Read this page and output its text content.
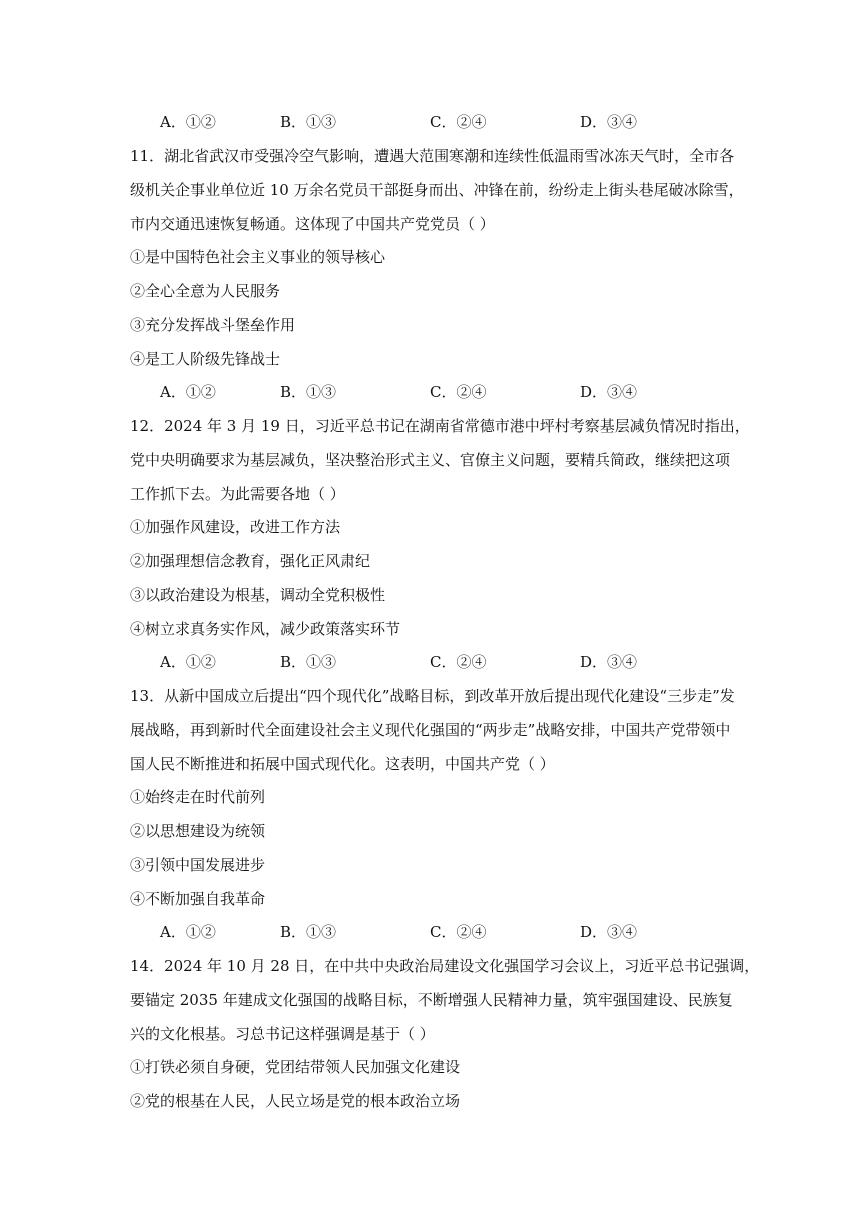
A．①②	B．①③	C．②④	D．③④
11．湖北省武汉市受强冷空气影响，遭遇大范围寒潮和连续性低温雨雪冰冻天气时，全市各
级机关企事业单位近 10 万余名党员干部挺身而出、冲锋在前，纷纷走上街头巷尾破冰除雪，
市内交通迅速恢复畅通。这体现了中国共产党党员（ ）
①是中国特色社会主义事业的领导核心
②全心全意为人民服务
③充分发挥战斗堡垒作用
④是工人阶级先锋战士
A．①②	B．①③	C．②④	D．③④
12．2024 年 3 月 19 日，习近平总书记在湖南省常德市港中坪村考察基层减负情况时指出，
党中央明确要求为基层减负，坚决整治形式主义、官僚主义问题，要精兵简政，继续把这项
工作抓下去。为此需要各地（ ）
①加强作风建设，改进工作方法
②加强理想信念教育，强化正风肃纪
③以政治建设为根基，调动全党积极性
④树立求真务实作风，减少政策落实环节
A．①②	B．①③	C．②④	D．③④
13．从新中国成立后提出“四个现代化”战略目标，到改革开放后提出现代化建设“三步走”发
展战略，再到新时代全面建设社会主义现代化强国的“两步走”战略安排，中国共产党带领中
国人民不断推进和拓展中国式现代化。这表明，中国共产党（ ）
①始终走在时代前列
②以思想建设为统领
③引领中国发展进步
④不断加强自我革命
A．①②	B．①③	C．②④	D．③④
14．2024 年 10 月 28 日，在中共中央政治局建设文化强国学习会议上，习近平总书记强调，
要锚定 2035 年建成文化强国的战略目标，不断增强人民精神力量，筑牢强国建设、民族复
兴的文化根基。习总书记这样强调是基于（ ）
①打铁必须自身硬，党团结带领人民加强文化建设
②党的根基在人民，人民立场是党的根本政治立场
